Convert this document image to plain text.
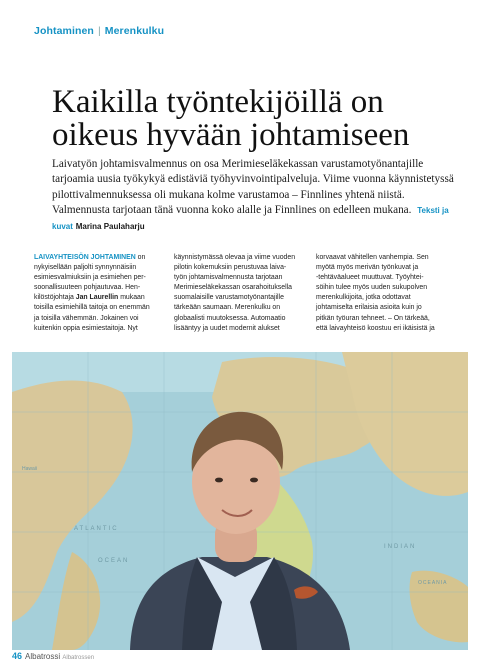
Johtaminen | Merenkulku
Kaikilla työntekijöillä on
oikeus hyvään johtamiseen

Laivatyön johtamisvalmennus on osa Merimieseläkekassan varustamotyönantajille tarjoamia uusia työkykyä edistäviä työhyvinvointipalveluja. Viime vuonna käynnistetyssä pilottivalmennuksessa oli mukana kolme varustamoa – Finnlines yhtenä niistä. Valmennusta tarjotaan tänä vuonna koko alalle ja Finnlines on edelleen mukana. Teksti ja kuvat Marina Paulaharju

LAIVAYHTEISÖN JOHTAMINEN on
nykyisellään paljolti synnynnäisiin
esimiesvalmiuksiin ja esimiehen per-
soonallisuuteen pohjautuvaa. Hen-
kilöstöjohtaja Jan Laurellin mukaan
toisilla esimiehillä taitoja on enemmän
ja toisilla vähemmän. Jokainen voi
kuitenkin oppia esimiestaitoja. Nyt
käynnistymässä olevaa ja viime vuoden
pilotin kokemuksiin perustuvaa laiva-
työn johtamisvalmennusta tarjotaan
Merimieseläkekassan osarahoituksella
suomalaisille varustamotyönantajille
tärkeään saumaan. Merenkulku on
globaalisti muutoksessa. Automaatio
lisääntyy ja uudet modernit alukset
korvaavat vähitellen vanhempia. Sen
myötä myös merivän työnkuvat ja
-tehtäväalueet muuttuvat. Työyhtei-
söihin tulee myös uuden sukupolven
merenkulkijoita, jotka odottavat
johtamiselta erilaisia asioita kuin jo
pitkän työuran tehneet. – On tärkeää,
että laivayhteisö koostuu eri ikäisistä ja
ATLANTIC
OCEAN
INDIAN
Hawaii
OCEANIA
46 Albatrossi Albatrossen
